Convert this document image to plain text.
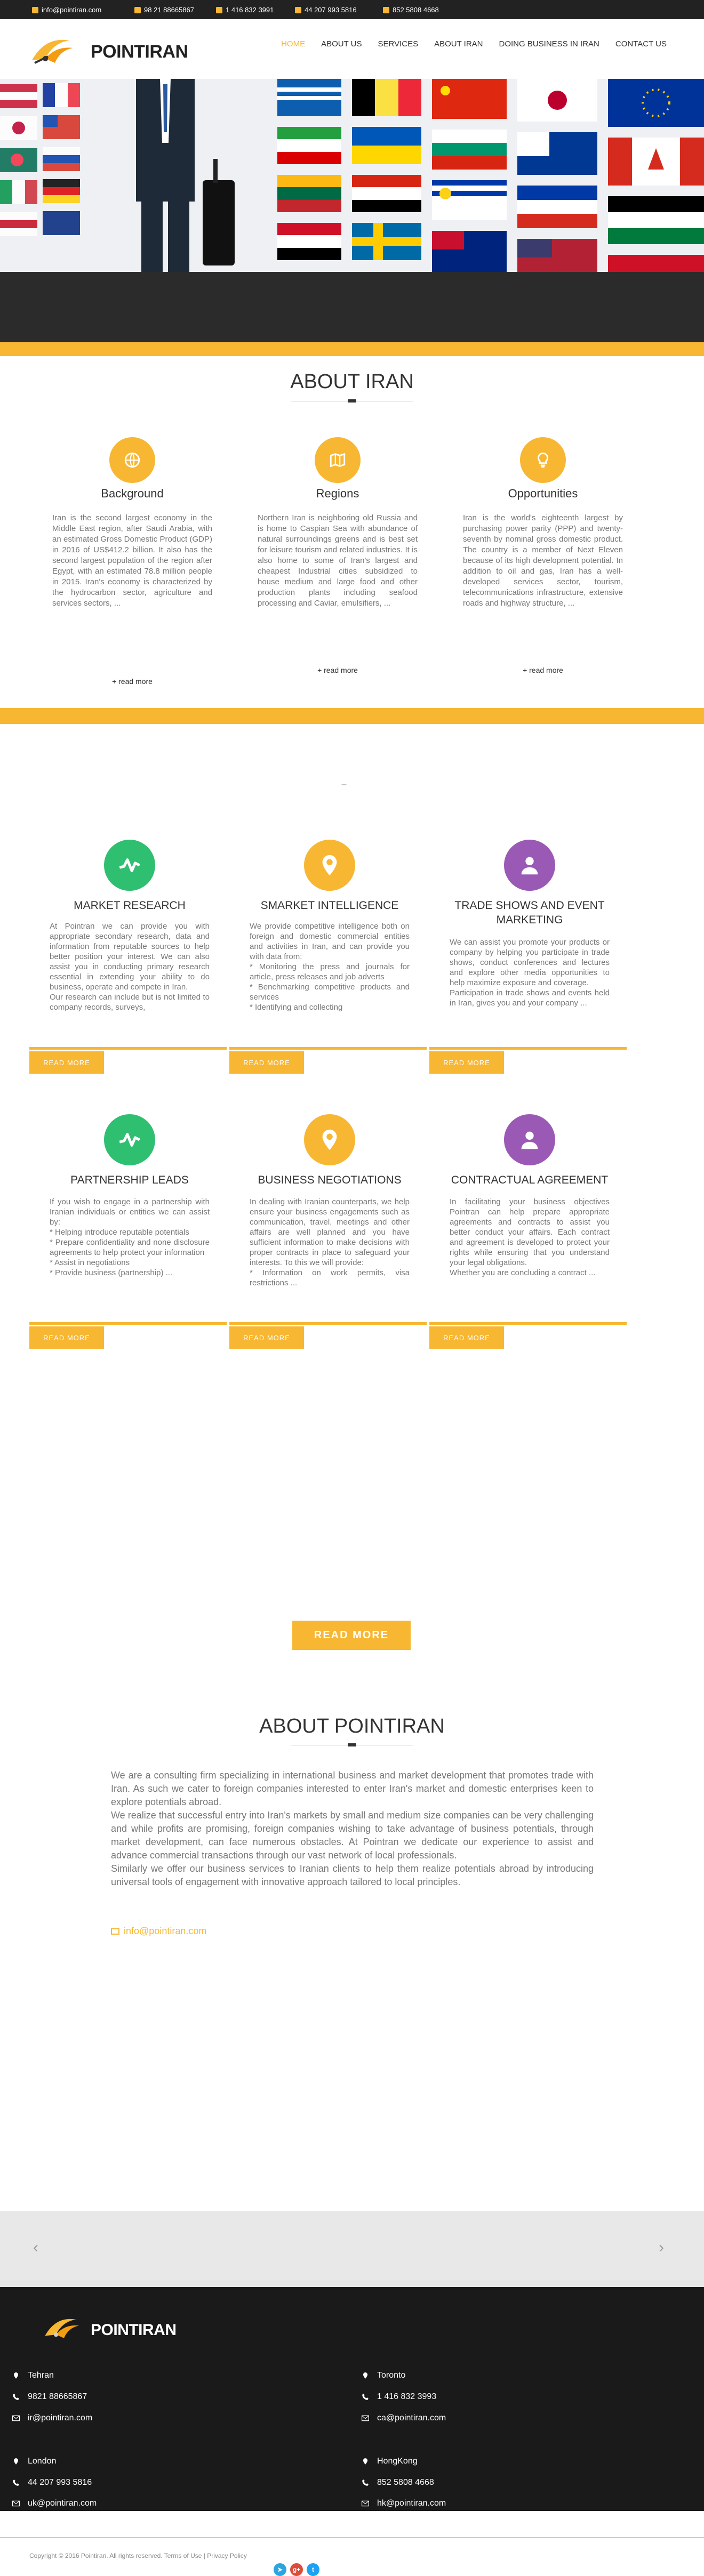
info@pointiran.com	98 21 88665867	1 416 832 3991	44 207 993 5816	852 5808 4668
POINTIRAN	HOME ABOUT US SERVICES ABOUT IRAN DOING BUSINESS IN IRAN CONTACT US
ABOUT IRAN
Background
Iran is the second largest economy in the Middle East region, after Saudi Arabia, with an estimated Gross Domestic Product (GDP) in 2016 of US$412.2 billion. It also has the second largest population of the region after Egypt, with an estimated 78.8 million people in 2015. Iran's economy is characterized by the hydrocarbon sector, agriculture and services sectors, ...
+ read more
Regions
Northern Iran is neighboring old Russia and is home to Caspian Sea with abundance of natural surroundings greens and is best set for leisure tourism and related industries. It is also home to some of Iran's largest and cheapest Industrial cities subsidized to house medium and large food and other production plants including seafood processing and Caviar, emulsifiers, ...
+ read more
Opportunities
Iran is the world's eighteenth largest by purchasing power parity (PPP) and twenty-seventh by nominal gross domestic product. The country is a member of Next Eleven because of its high development potential. In addition to oil and gas, Iran has a well-developed services sector, tourism, telecommunications infrastructure, extensive roads and highway structure, ...
+ read more
---
MARKET RESEARCH
At Pointran we can provide you with appropriate secondary research, data and information from reputable sources to help better position your interest. We can also assist you in conducting primary research essential in extending your ability to do business, operate and compete in Iran.
Our research can include but is not limited to company records, surveys,
READ MORE
SMARKET INTELLIGENCE
We provide competitive intelligence both on foreign and domestic commercial entities and activities in Iran, and can provide you with data from:
* Monitoring the press and journals for article, press releases and job adverts
* Benchmarking competitive products and services
* Identifying and collecting
READ MORE
TRADE SHOWS AND EVENT MARKETING
We can assist you promote your products or company by helping you participate in trade shows, conduct conferences and lectures and explore other media opportunities to help maximize exposure and coverage.
Participation in trade shows and events held in Iran, gives you and your company ...
READ MORE
PARTNERSHIP LEADS
If you wish to engage in a partnership with Iranian individuals or entities we can assist by:
* Helping introduce reputable potentials
* Prepare confidentiality and none disclosure agreements to help protect your information
* Assist in negotiations
* Provide business (partnership) ...
READ MORE
BUSINESS NEGOTIATIONS
In dealing with Iranian counterparts, we help ensure your business engagements such as communication, travel, meetings and other affairs are well planned and you have sufficient information to make decisions with proper contracts in place to safeguard your interests. To this we will provide:
* Information on work permits, visa restrictions ...
READ MORE
CONTRACTUAL AGREEMENT
In facilitating your business objectives Pointran can help prepare appropriate agreements and contracts to assist you better conduct your affairs. Each contract and agreement is developed to protect your rights while ensuring that you understand your legal obligations.
Whether you are concluding a contract ...
READ MORE
READ MORE
ABOUT POINTIRAN

We are a consulting firm specializing in international business and market development that promotes trade with Iran. As such we cater to foreign companies interested to enter Iran's market and domestic enterprises keen to explore potentials abroad.

We realize that successful entry into Iran's markets by small and medium size companies can be very challenging and while profits are promising, foreign companies wishing to take advantage of business potentials, through market development, can face numerous obstacles. At Pointran we dedicate our experience to assist and advance commercial transactions through our vast network of local professionals.

Similarly we offer our business services to Iranian clients to help them realize potentials abroad by introducing universal tools of engagement with innovative approach tailored to local principles.

info@pointiran.com
‹	›
POINTIRAN
Tehran
9821 88665867
ir@pointiran.com
Toronto
1 416 832 3993
ca@pointiran.com
London
44 207 993 5816
uk@pointiran.com
HongKong
852 5808 4668
hk@pointiran.com
Copyright © 2016 Pointiran. All rights reserved. Terms of Use | Privacy Policy
➤	g+	t
